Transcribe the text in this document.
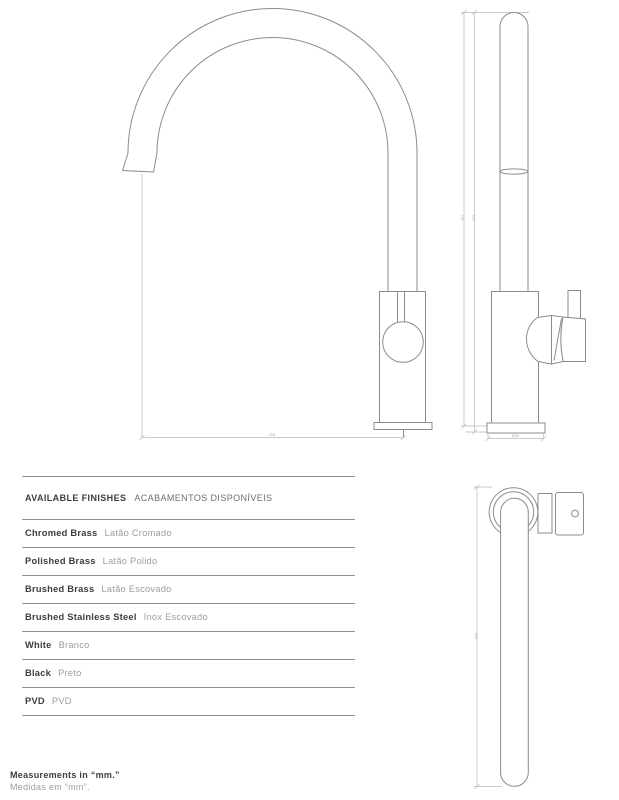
208
357 302
Ø50
330
AVAILABLE FINISHES ACABAMENTOS DISPONÍVEIS
Chromed Brass Latão Cromado
Polished Brass Latão Polido
Brushed Brass Latão Escovado
Brushed Stainless Steel Inox Escovado
White Branco
Black Preto
PVD PVD
Measurements in “mm.”
Medidas em “mm”.
